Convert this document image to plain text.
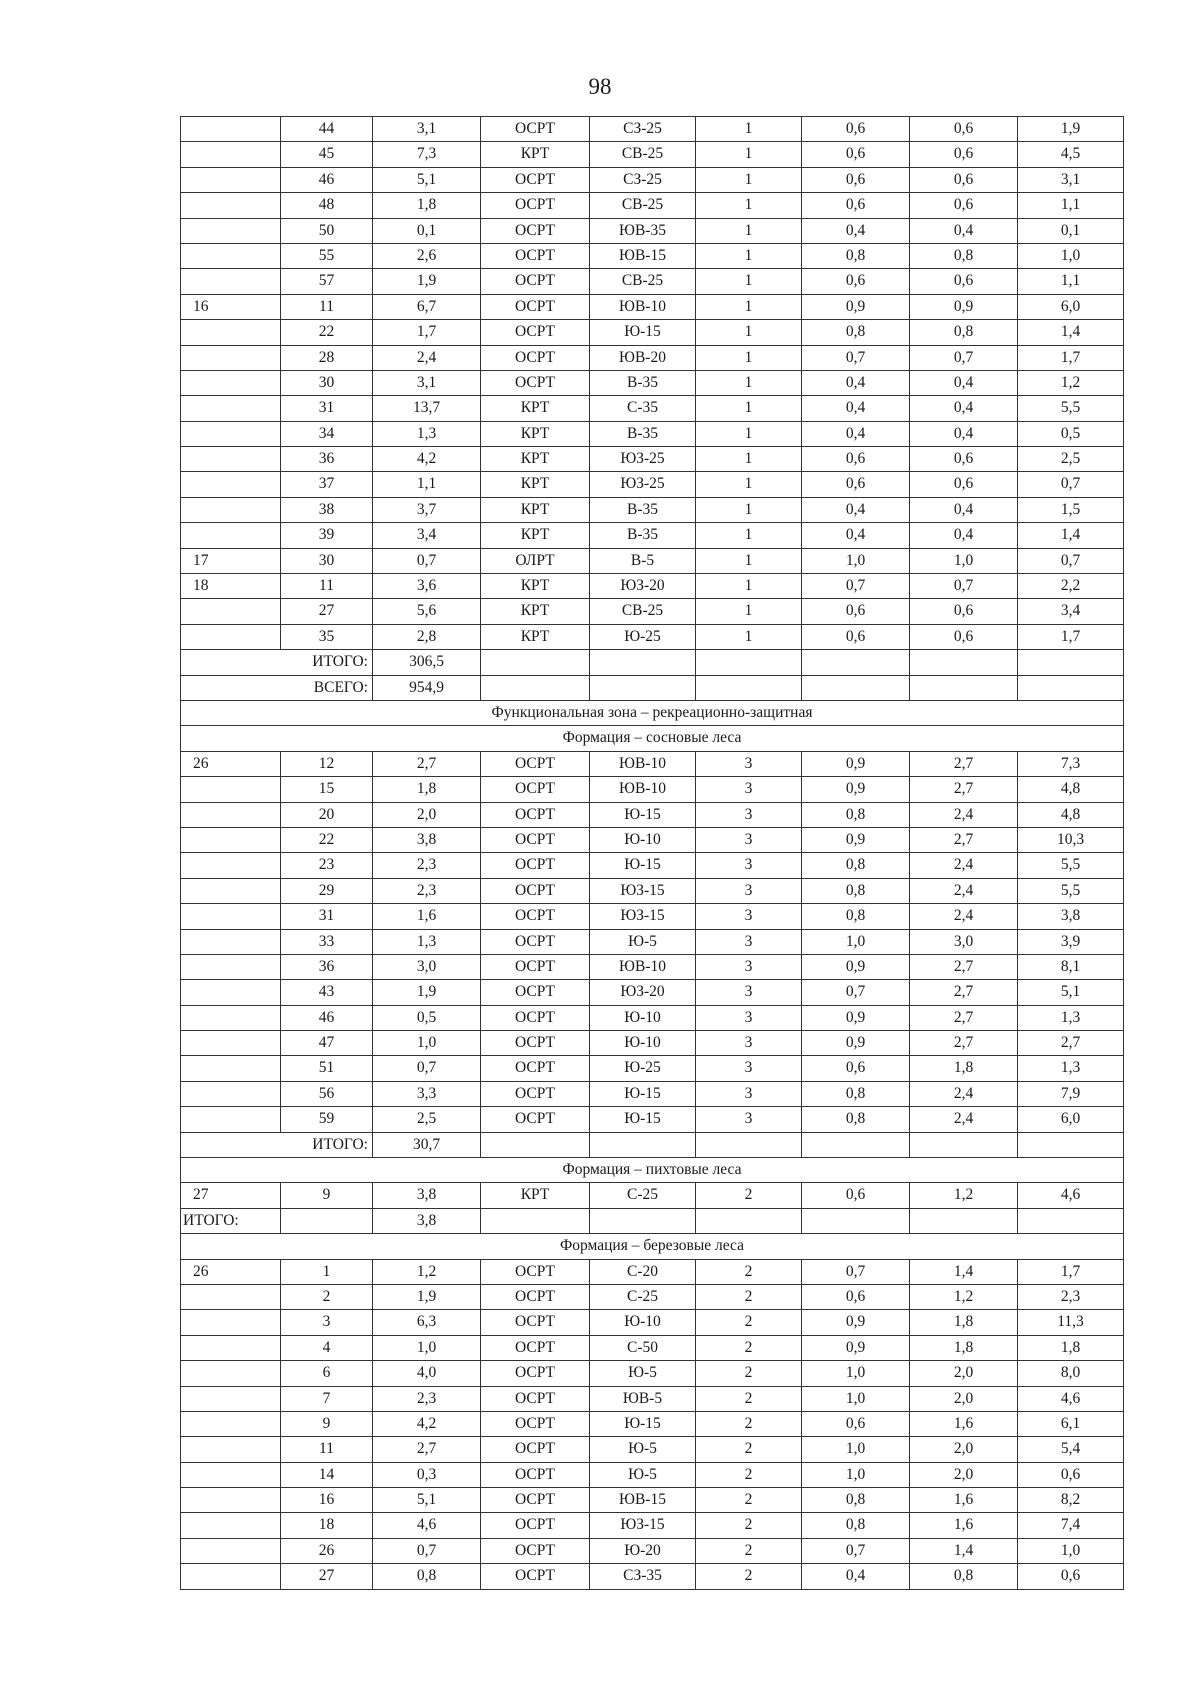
98
	44	3,1	ОСРТ	СЗ-25	1	0,6	0,6	1,9
	45	7,3	КРТ	СВ-25	1	0,6	0,6	4,5
	46	5,1	ОСРТ	СЗ-25	1	0,6	0,6	3,1
	48	1,8	ОСРТ	СВ-25	1	0,6	0,6	1,1
	50	0,1	ОСРТ	ЮВ-35	1	0,4	0,4	0,1
	55	2,6	ОСРТ	ЮВ-15	1	0,8	0,8	1,0
	57	1,9	ОСРТ	СВ-25	1	0,6	0,6	1,1
16	11	6,7	ОСРТ	ЮВ-10	1	0,9	0,9	6,0
	22	1,7	ОСРТ	Ю-15	1	0,8	0,8	1,4
	28	2,4	ОСРТ	ЮВ-20	1	0,7	0,7	1,7
	30	3,1	ОСРТ	В-35	1	0,4	0,4	1,2
	31	13,7	КРТ	С-35	1	0,4	0,4	5,5
	34	1,3	КРТ	В-35	1	0,4	0,4	0,5
	36	4,2	КРТ	ЮЗ-25	1	0,6	0,6	2,5
	37	1,1	КРТ	ЮЗ-25	1	0,6	0,6	0,7
	38	3,7	КРТ	В-35	1	0,4	0,4	1,5
	39	3,4	КРТ	В-35	1	0,4	0,4	1,4
17	30	0,7	ОЛРТ	В-5	1	1,0	1,0	0,7
18	11	3,6	КРТ	ЮЗ-20	1	0,7	0,7	2,2
	27	5,6	КРТ	СВ-25	1	0,6	0,6	3,4
	35	2,8	КРТ	Ю-25	1	0,6	0,6	1,7
ИТОГО:		306,5						
ВСЕГО:		954,9						
Функциональная зона – рекреационно-защитная								
Формация – сосновые леса								
26	12	2,7	ОСРТ	ЮВ-10	3	0,9	2,7	7,3
	15	1,8	ОСРТ	ЮВ-10	3	0,9	2,7	4,8
	20	2,0	ОСРТ	Ю-15	3	0,8	2,4	4,8
	22	3,8	ОСРТ	Ю-10	3	0,9	2,7	10,3
	23	2,3	ОСРТ	Ю-15	3	0,8	2,4	5,5
	29	2,3	ОСРТ	ЮЗ-15	3	0,8	2,4	5,5
	31	1,6	ОСРТ	ЮЗ-15	3	0,8	2,4	3,8
	33	1,3	ОСРТ	Ю-5	3	1,0	3,0	3,9
	36	3,0	ОСРТ	ЮВ-10	3	0,9	2,7	8,1
	43	1,9	ОСРТ	ЮЗ-20	3	0,7	2,7	5,1
	46	0,5	ОСРТ	Ю-10	3	0,9	2,7	1,3
	47	1,0	ОСРТ	Ю-10	3	0,9	2,7	2,7
	51	0,7	ОСРТ	Ю-25	3	0,6	1,8	1,3
	56	3,3	ОСРТ	Ю-15	3	0,8	2,4	7,9
	59	2,5	ОСРТ	Ю-15	3	0,8	2,4	6,0
ИТОГО:		30,7						
Формация – пихтовые леса								
27	9	3,8	КРТ	С-25	2	0,6	1,2	4,6
ИТОГО:		3,8						
Формация – березовые леса								
26	1	1,2	ОСРТ	С-20	2	0,7	1,4	1,7
	2	1,9	ОСРТ	С-25	2	0,6	1,2	2,3
	3	6,3	ОСРТ	Ю-10	2	0,9	1,8	11,3
	4	1,0	ОСРТ	С-50	2	0,9	1,8	1,8
	6	4,0	ОСРТ	Ю-5	2	1,0	2,0	8,0
	7	2,3	ОСРТ	ЮВ-5	2	1,0	2,0	4,6
	9	4,2	ОСРТ	Ю-15	2	0,6	1,6	6,1
	11	2,7	ОСРТ	Ю-5	2	1,0	2,0	5,4
	14	0,3	ОСРТ	Ю-5	2	1,0	2,0	0,6
	16	5,1	ОСРТ	ЮВ-15	2	0,8	1,6	8,2
	18	4,6	ОСРТ	ЮЗ-15	2	0,8	1,6	7,4
	26	0,7	ОСРТ	Ю-20	2	0,7	1,4	1,0
	27	0,8	ОСРТ	СЗ-35	2	0,4	0,8	0,6
